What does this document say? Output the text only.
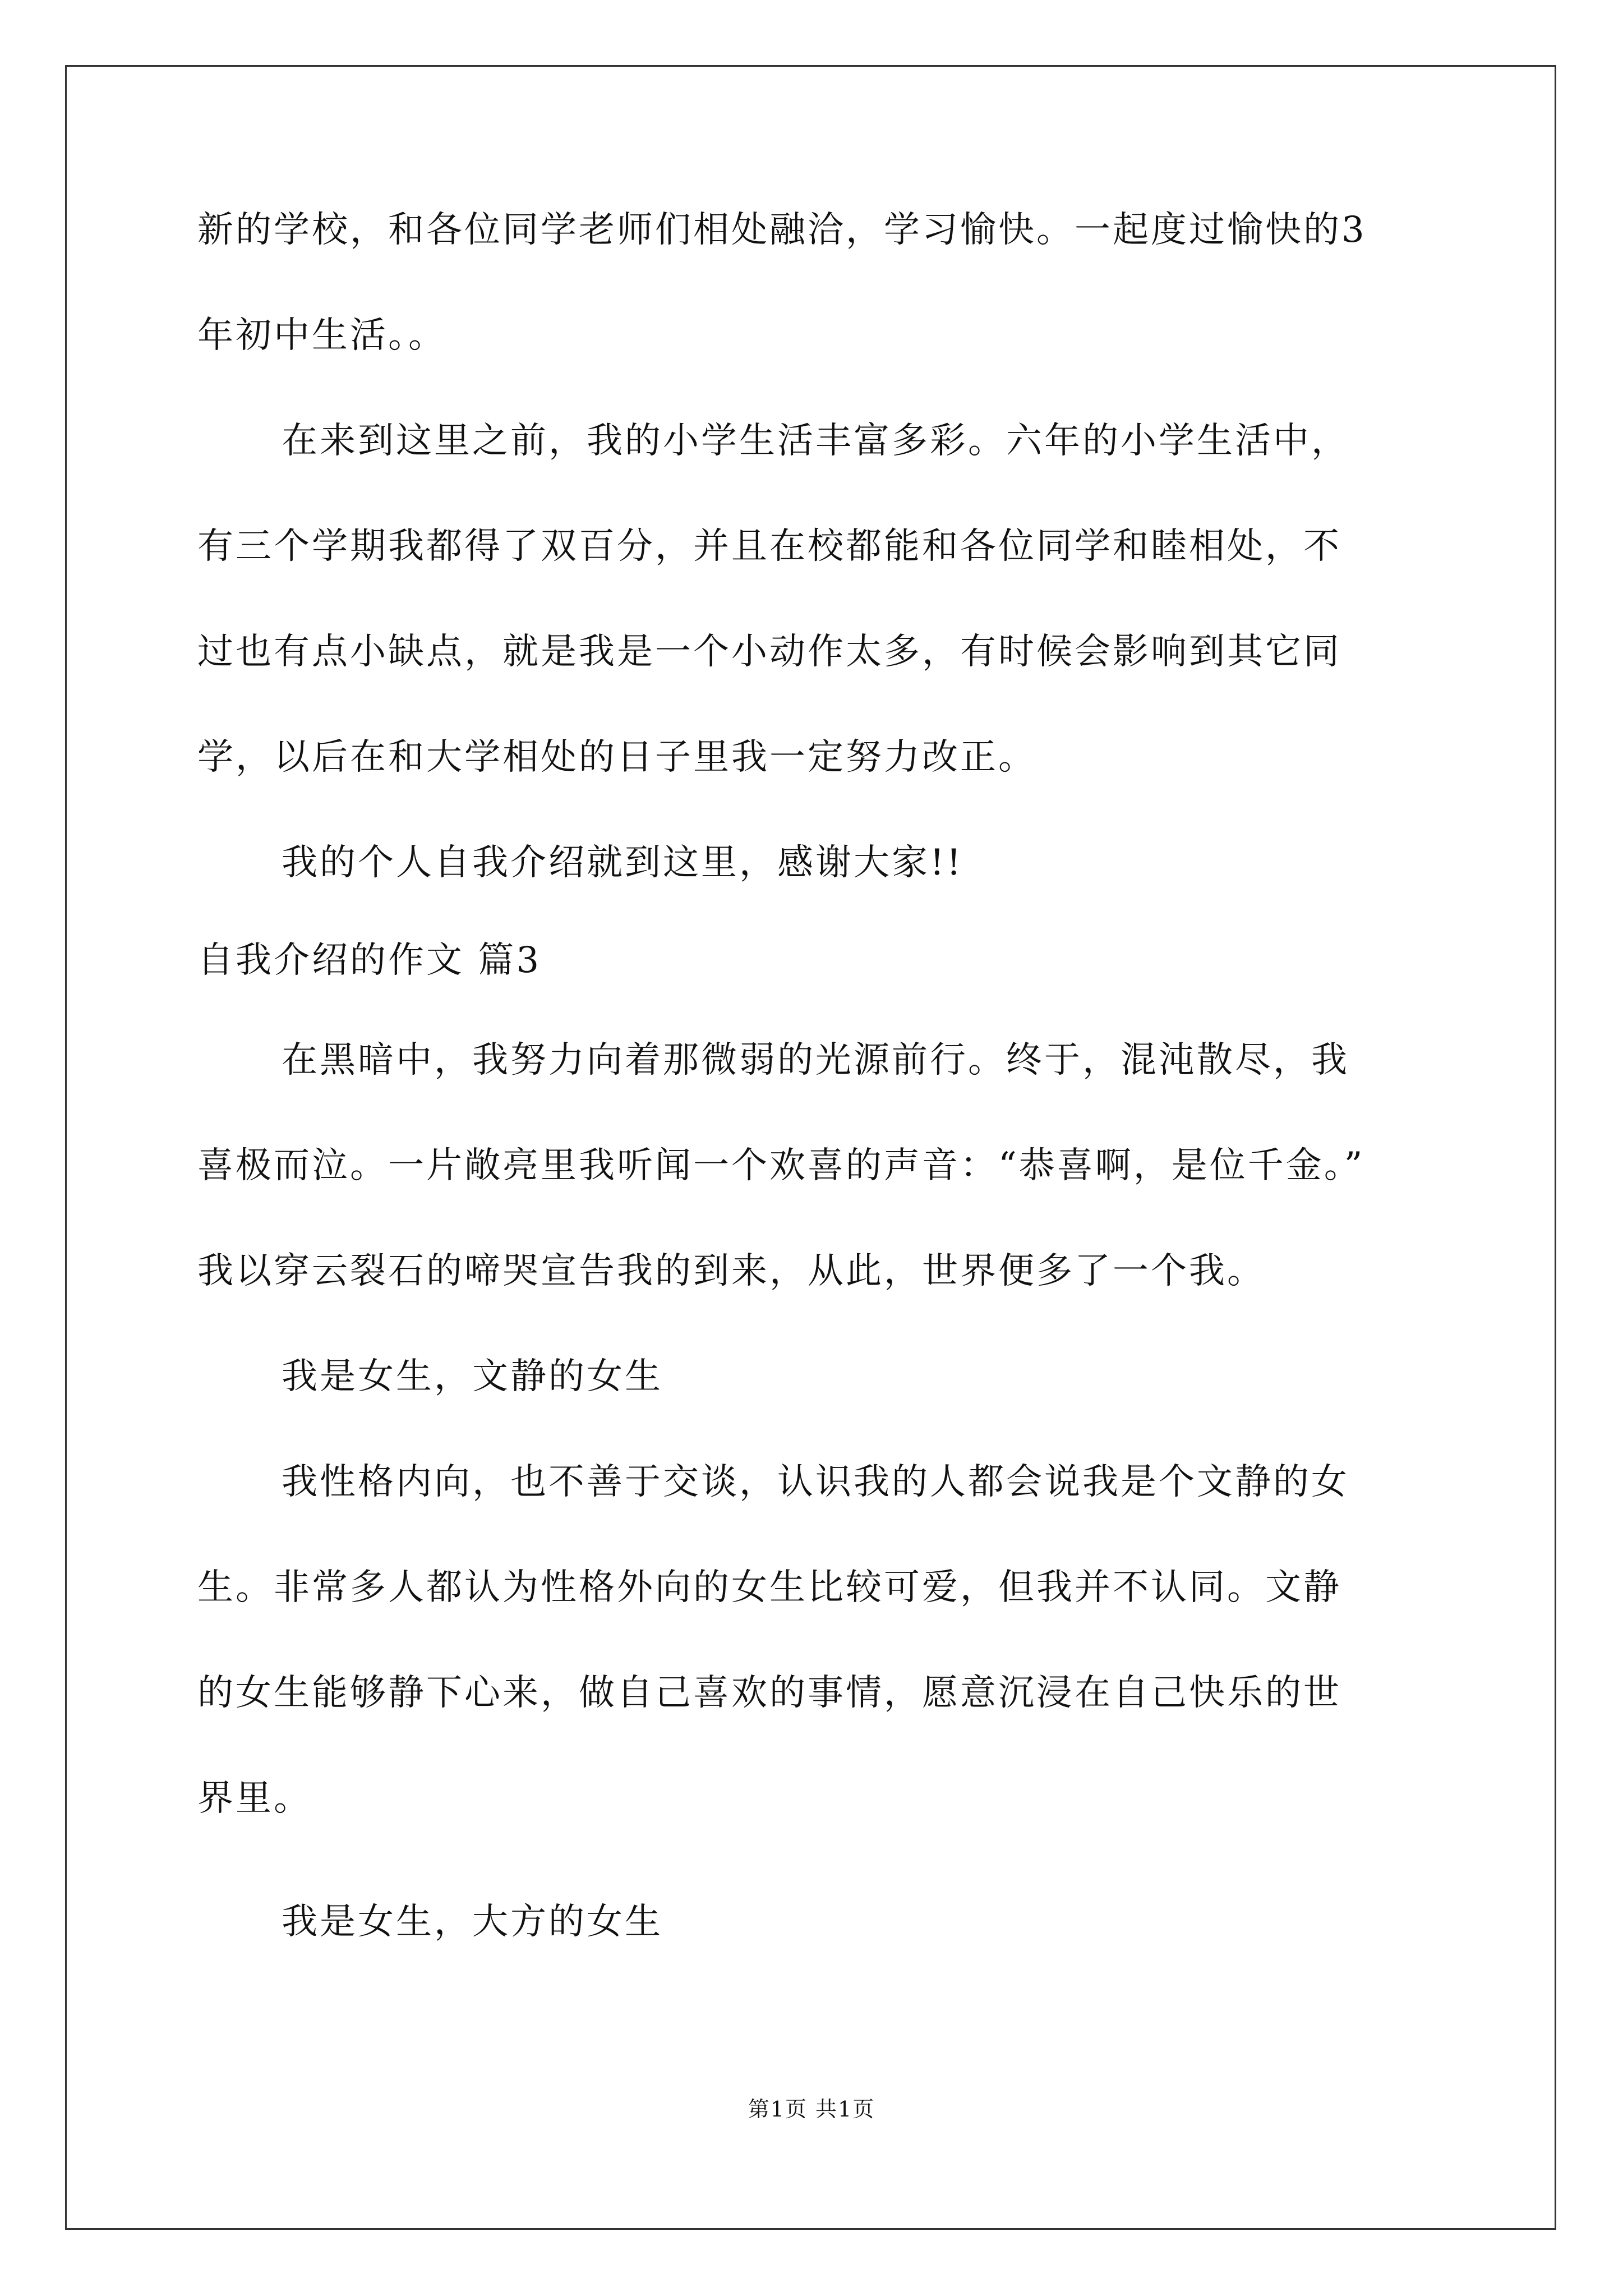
新的学校，和各位同学老师们相处融洽，学习愉快。一起度过愉快的3
年初中生活。。
在来到这里之前，我的小学生活丰富多彩。六年的小学生活中，
有三个学期我都得了双百分，并且在校都能和各位同学和睦相处，不
过也有点小缺点，就是我是一个小动作太多，有时候会影响到其它同
学，以后在和大学相处的日子里我一定努力改正。
我的个人自我介绍就到这里，感谢大家!!
自我介绍的作文 篇3
在黑暗中，我努力向着那微弱的光源前行。终于，混沌散尽，我
喜极而泣。一片敞亮里我听闻一个欢喜的声音：“恭喜啊，是位千金。”
我以穿云裂石的啼哭宣告我的到来，从此，世界便多了一个我。
我是女生，文静的女生
我性格内向，也不善于交谈，认识我的人都会说我是个文静的女
生。非常多人都认为性格外向的女生比较可爱，但我并不认同。文静
的女生能够静下心来，做自己喜欢的事情，愿意沉浸在自己快乐的世
界里。
我是女生，大方的女生
第1页 共1页
